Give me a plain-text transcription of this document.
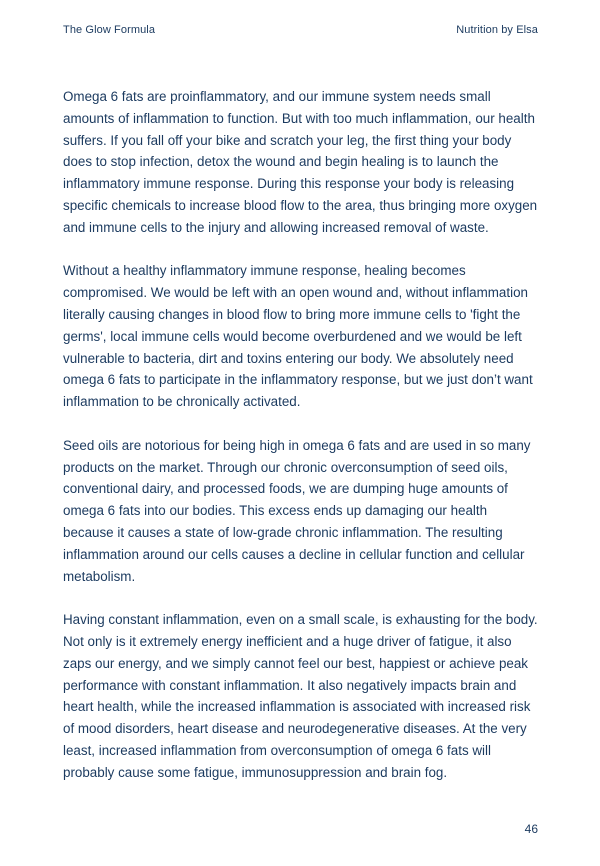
The Glow Formula	Nutrition by Elsa

Omega 6 fats are proinflammatory, and our immune system needs small amounts of inflammation to function. But with too much inflammation, our health suffers. If you fall off your bike and scratch your leg, the first thing your body does to stop infection, detox the wound and begin healing is to launch the inflammatory immune response. During this response your body is releasing specific chemicals to increase blood flow to the area, thus bringing more oxygen and immune cells to the injury and allowing increased removal of waste.

Without a healthy inflammatory immune response, healing becomes compromised. We would be left with an open wound and, without inflammation literally causing changes in blood flow to bring more immune cells to 'fight the germs', local immune cells would become overburdened and we would be left vulnerable to bacteria, dirt and toxins entering our body. We absolutely need omega 6 fats to participate in the inflammatory response, but we just don’t want inflammation to be chronically activated.

Seed oils are notorious for being high in omega 6 fats and are used in so many products on the market. Through our chronic overconsumption of seed oils, conventional dairy, and processed foods, we are dumping huge amounts of omega 6 fats into our bodies. This excess ends up damaging our health because it causes a state of low-grade chronic inflammation. The resulting inflammation around our cells causes a decline in cellular function and cellular metabolism.

Having constant inflammation, even on a small scale, is exhausting for the body. Not only is it extremely energy inefficient and a huge driver of fatigue, it also zaps our energy, and we simply cannot feel our best, happiest or achieve peak performance with constant inflammation. It also negatively impacts brain and heart health, while the increased inflammation is associated with increased risk of mood disorders, heart disease and neurodegenerative diseases. At the very least, increased inflammation from overconsumption of omega 6 fats will probably cause some fatigue, immunosuppression and brain fog.

46
